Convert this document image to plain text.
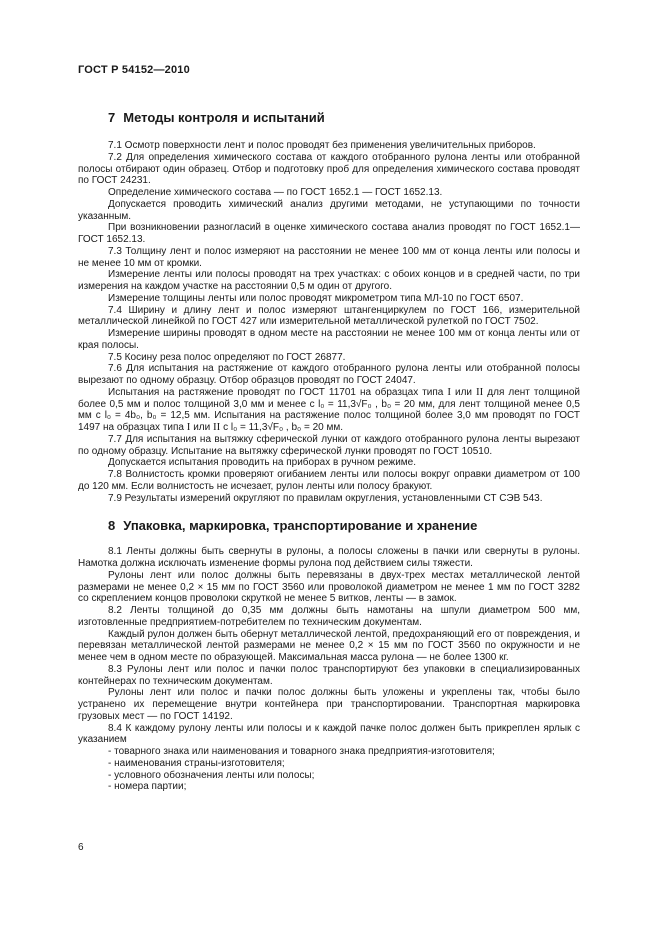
ГОСТ Р 54152—2010
7 Методы контроля и испытаний

7.1 Осмотр поверхности лент и полос проводят без применения увеличительных приборов.

7.2 Для определения химического состава от каждого отобранного рулона ленты или отобранной полосы отбирают один образец. Отбор и подготовку проб для определения химического состава проводят по ГОСТ 24231.

Определение химического состава — по ГОСТ 1652.1 — ГОСТ 1652.13.

Допускается проводить химический анализ другими методами, не уступающими по точности указанным.

При возникновении разногласий в оценке химического состава анализ проводят по ГОСТ 1652.1—ГОСТ 1652.13.

7.3 Толщину лент и полос измеряют на расстоянии не менее 100 мм от конца ленты или полосы и не менее 10 мм от кромки.

Измерение ленты или полосы проводят на трех участках: с обоих концов и в средней части, по три измерения на каждом участке на расстоянии 0,5 м один от другого.

Измерение толщины ленты или полос проводят микрометром типа МЛ-10 по ГОСТ 6507.

7.4 Ширину и длину лент и полос измеряют штангенциркулем по ГОСТ 166, измерительной металлической линейкой по ГОСТ 427 или измерительной металлической рулеткой по ГОСТ 7502.

Измерение ширины проводят в одном месте на расстоянии не менее 100 мм от конца ленты или от края полосы.

7.5 Косину реза полос определяют по ГОСТ 26877.

7.6 Для испытания на растяжение от каждого отобранного рулона ленты или отобранной полосы вырезают по одному образцу. Отбор образцов проводят по ГОСТ 24047.

Испытания на растяжение проводят по ГОСТ 11701 на образцах типа I или II для лент толщиной более 0,5 мм и полос толщиной 3,0 мм и менее с l₀ = 11,3√F₀ , b₀ = 20 мм, для лент толщиной менее 0,5 мм с l₀ = 4b₀, b₀ = 12,5 мм. Испытания на растяжение полос толщиной более 3,0 мм проводят по ГОСТ 1497 на образцах типа I или II с l₀ = 11,3√F₀ , b₀ = 20 мм.

7.7 Для испытания на вытяжку сферической лунки от каждого отобранного рулона ленты вырезают по одному образцу. Испытание на вытяжку сферической лунки проводят по ГОСТ 10510.

Допускается испытания проводить на приборах в ручном режиме.

7.8 Волнистость кромки проверяют огибанием ленты или полосы вокруг оправки диаметром от 100 до 120 мм. Если волнистость не исчезает, рулон ленты или полосу бракуют.

7.9 Результаты измерений округляют по правилам округления, установленными СТ СЭВ 543.

8 Упаковка, маркировка, транспортирование и хранение

8.1 Ленты должны быть свернуты в рулоны, а полосы сложены в пачки или свернуты в рулоны. Намотка должна исключать изменение формы рулона под действием силы тяжести.

Рулоны лент или полос должны быть перевязаны в двух-трех местах металлической лентой размерами не менее 0,2 × 15 мм по ГОСТ 3560 или проволокой диаметром не менее 1 мм по ГОСТ 3282 со скреплением концов проволоки скруткой не менее 5 витков, ленты — в замок.

8.2 Ленты толщиной до 0,35 мм должны быть намотаны на шпули диаметром 500 мм, изготовленные предприятием-потребителем по техническим документам.

Каждый рулон должен быть обернут металлической лентой, предохраняющий его от повреждения, и перевязан металлической лентой размерами не менее 0,2 × 15 мм по ГОСТ 3560 по окружности и не менее чем в одном месте по образующей. Максимальная масса рулона — не более 1300 кг.

8.3 Рулоны лент или полос и пачки полос транспортируют без упаковки в специализированных контейнерах по техническим документам.

Рулоны лент или полос и пачки полос должны быть уложены и укреплены так, чтобы было устранено их перемещение внутри контейнера при транспортировании. Транспортная маркировка грузовых мест — по ГОСТ 14192.

8.4 К каждому рулону ленты или полосы и к каждой пачке полос должен быть прикреплен ярлык с указанием

- товарного знака или наименования и товарного знака предприятия-изготовителя;

- наименования страны-изготовителя;

- условного обозначения ленты или полосы;

- номера партии;

6
